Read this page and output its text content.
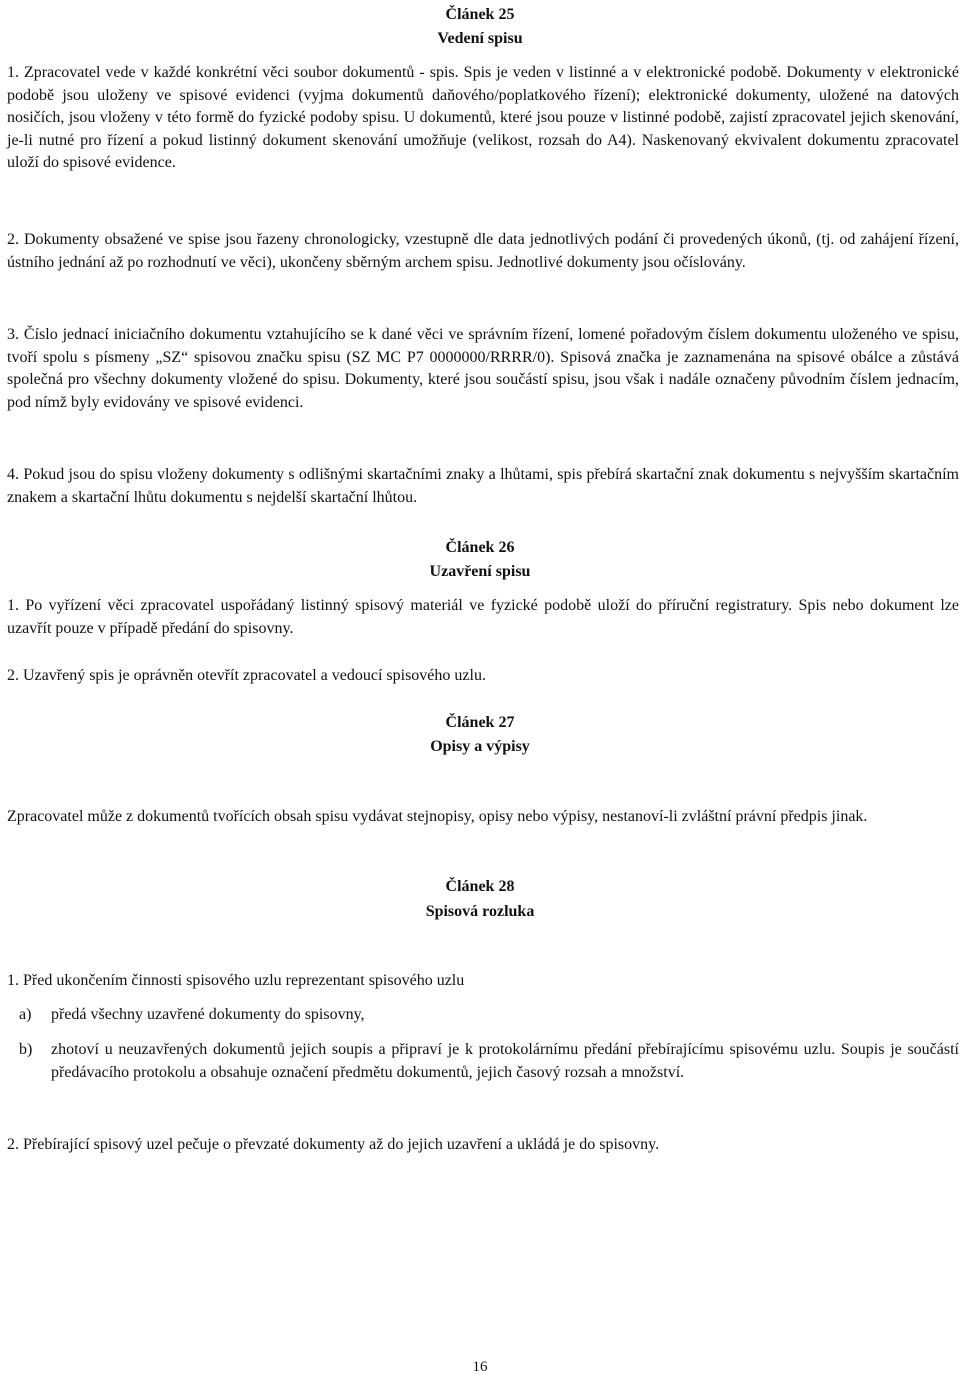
Článek 25

Vedení spisu

1. Zpracovatel vede v každé konkrétní věci soubor dokumentů - spis. Spis je veden v listinné a v elektronické podobě. Dokumenty v elektronické podobě jsou uloženy ve spisové evidenci (vyjma dokumentů daňového/poplatkového řízení); elektronické dokumenty, uložené na datových nosičích, jsou vloženy v této formě do fyzické podoby spisu. U dokumentů, které jsou pouze v listinné podobě, zajistí zpracovatel jejich skenování, je-li nutné pro řízení a pokud listinný dokument skenování umožňuje (velikost, rozsah do A4). Naskenovaný ekvivalent dokumentu zpracovatel uloží do spisové evidence.

2. Dokumenty obsažené ve spise jsou řazeny chronologicky, vzestupně dle data jednotlivých podání či provedených úkonů, (tj. od zahájení řízení, ústního jednání až po rozhodnutí ve věci), ukončeny sběrným archem spisu. Jednotlivé dokumenty jsou očíslovány.

3. Číslo jednací iniciačního dokumentu vztahujícího se k dané věci ve správním řízení, lomené pořadovým číslem dokumentu uloženého ve spisu, tvoří spolu s písmeny „SZ“ spisovou značku spisu (SZ MC P7 0000000/RRRR/0). Spisová značka je zaznamenána na spisové obálce a zůstává společná pro všechny dokumenty vložené do spisu. Dokumenty, které jsou součástí spisu, jsou však i nadále označeny původním číslem jednacím, pod nímž byly evidovány ve spisové evidenci.

4. Pokud jsou do spisu vloženy dokumenty s odlišnými skartačními znaky a lhůtami, spis přebírá skartační znak dokumentu s nejvyšším skartačním znakem a skartační lhůtu dokumentu s nejdelší skartační lhůtou.

Článek 26

Uzavření spisu

1. Po vyřízení věci zpracovatel uspořádaný listinný spisový materiál ve fyzické podobě uloží do příruční registratury. Spis nebo dokument lze uzavřít pouze v případě předání do spisovny.

2. Uzavřený spis je oprávněn otevřít zpracovatel a vedoucí spisového uzlu.

Článek 27

Opisy a výpisy

Zpracovatel může z dokumentů tvořících obsah spisu vydávat stejnopisy, opisy nebo výpisy, nestanoví-li zvláštní právní předpis jinak.

Článek 28

Spisová rozluka

1. Před ukončením činnosti spisového uzlu reprezentant spisového uzlu

a)	předá všechny uzavřené dokumenty do spisovny,
b)	zhotoví u neuzavřených dokumentů jejich soupis a připraví je k protokolárnímu předání přebírajícímu spisovému uzlu. Soupis je součástí předávacího protokolu a obsahuje označení předmětu dokumentů, jejich časový rozsah a množství.

2. Přebírající spisový uzel pečuje o převzaté dokumenty až do jejich uzavření a ukládá je do spisovny.

16
